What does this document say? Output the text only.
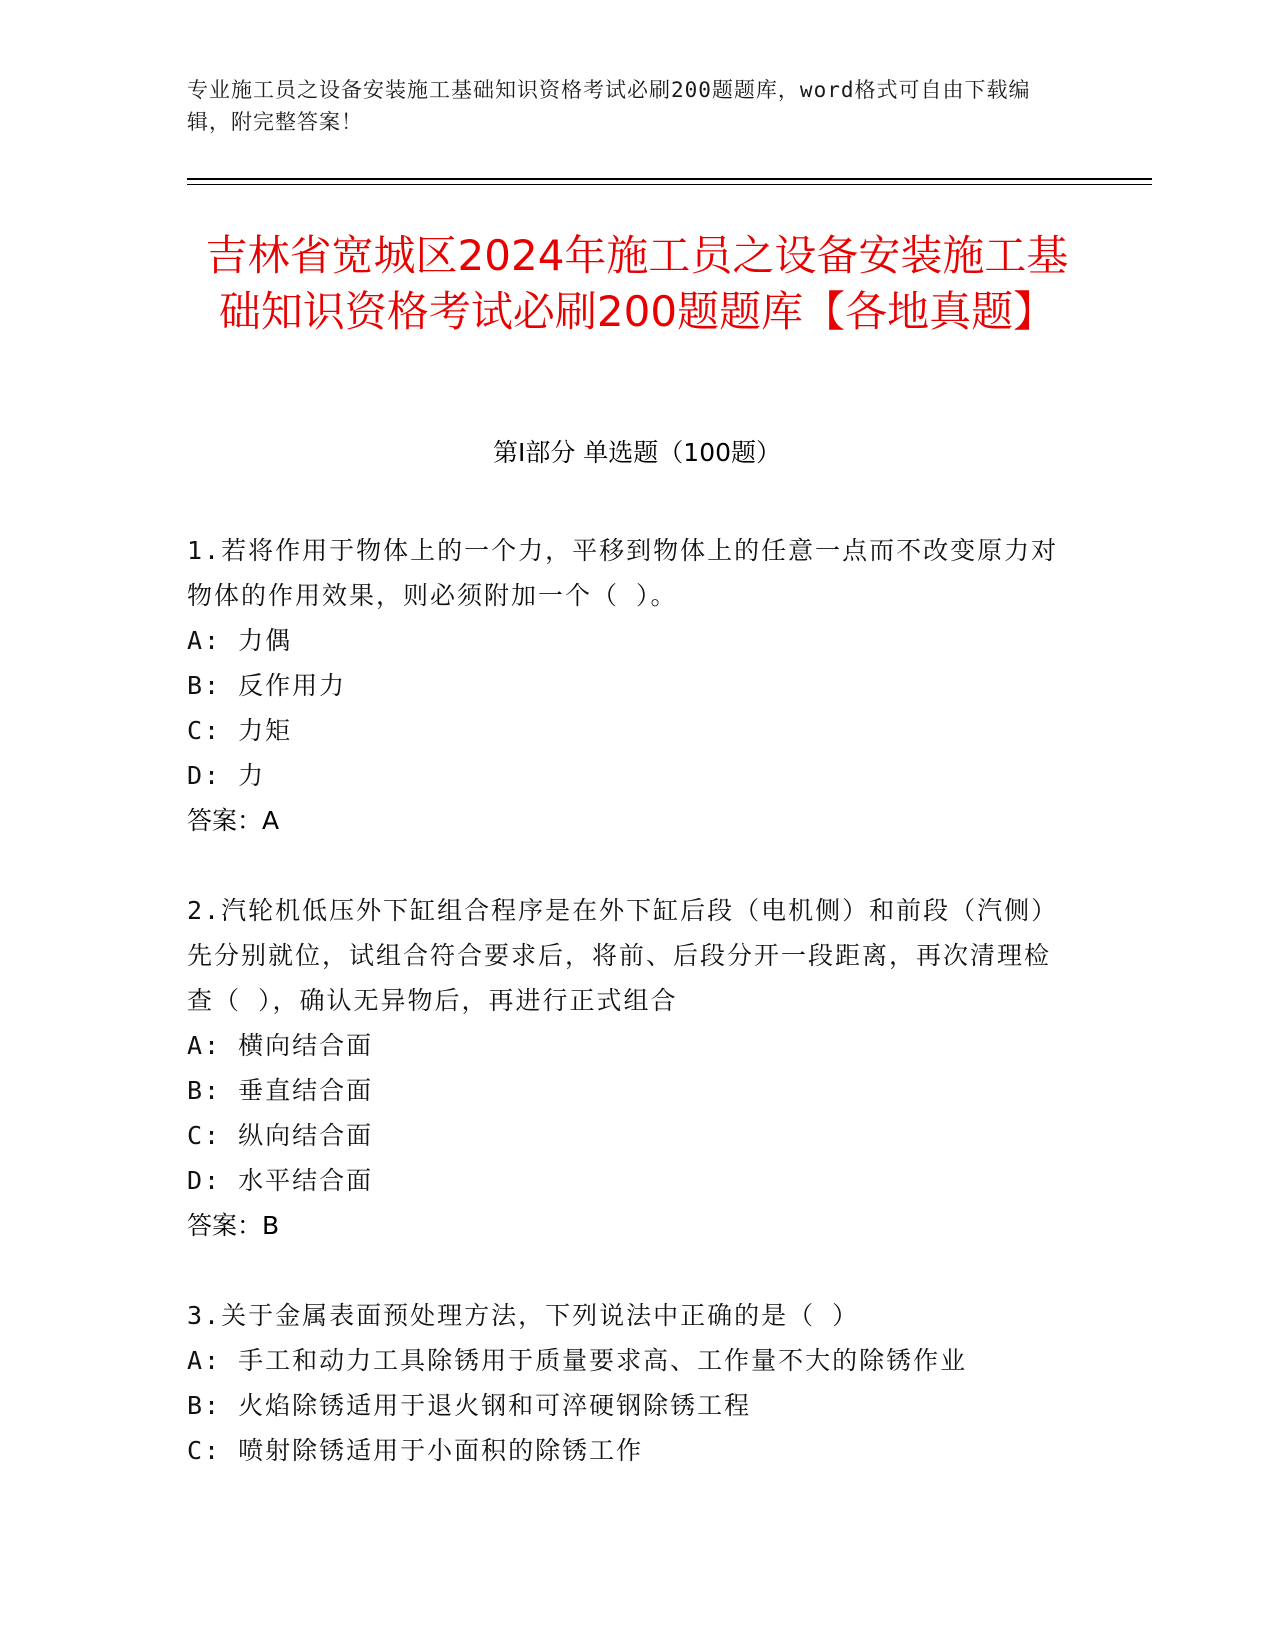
专业施工员之设备安装施工基础知识资格考试必刷200题题库，word格式可自由下载编辑，附完整答案！
吉林省宽城区2024年施工员之设备安装施工基础知识资格考试必刷200题题库【各地真题】
第Ⅰ部分 单选题（100题）
1.若将作用于物体上的一个力，平移到物体上的任意一点而不改变原力对物体的作用效果，则必须附加一个（ ）。
A: 力偶
B: 反作用力
C: 力矩
D: 力
答案：A
2.汽轮机低压外下缸组合程序是在外下缸后段（电机侧）和前段（汽侧）先分别就位，试组合符合要求后，将前、后段分开一段距离，再次清理检查（ ），确认无异物后，再进行正式组合
A: 横向结合面
B: 垂直结合面
C: 纵向结合面
D: 水平结合面
答案：B
3.关于金属表面预处理方法，下列说法中正确的是（ ）
A: 手工和动力工具除锈用于质量要求高、工作量不大的除锈作业
B: 火焰除锈适用于退火钢和可淬硬钢除锈工程
C: 喷射除锈适用于小面积的除锈工作
